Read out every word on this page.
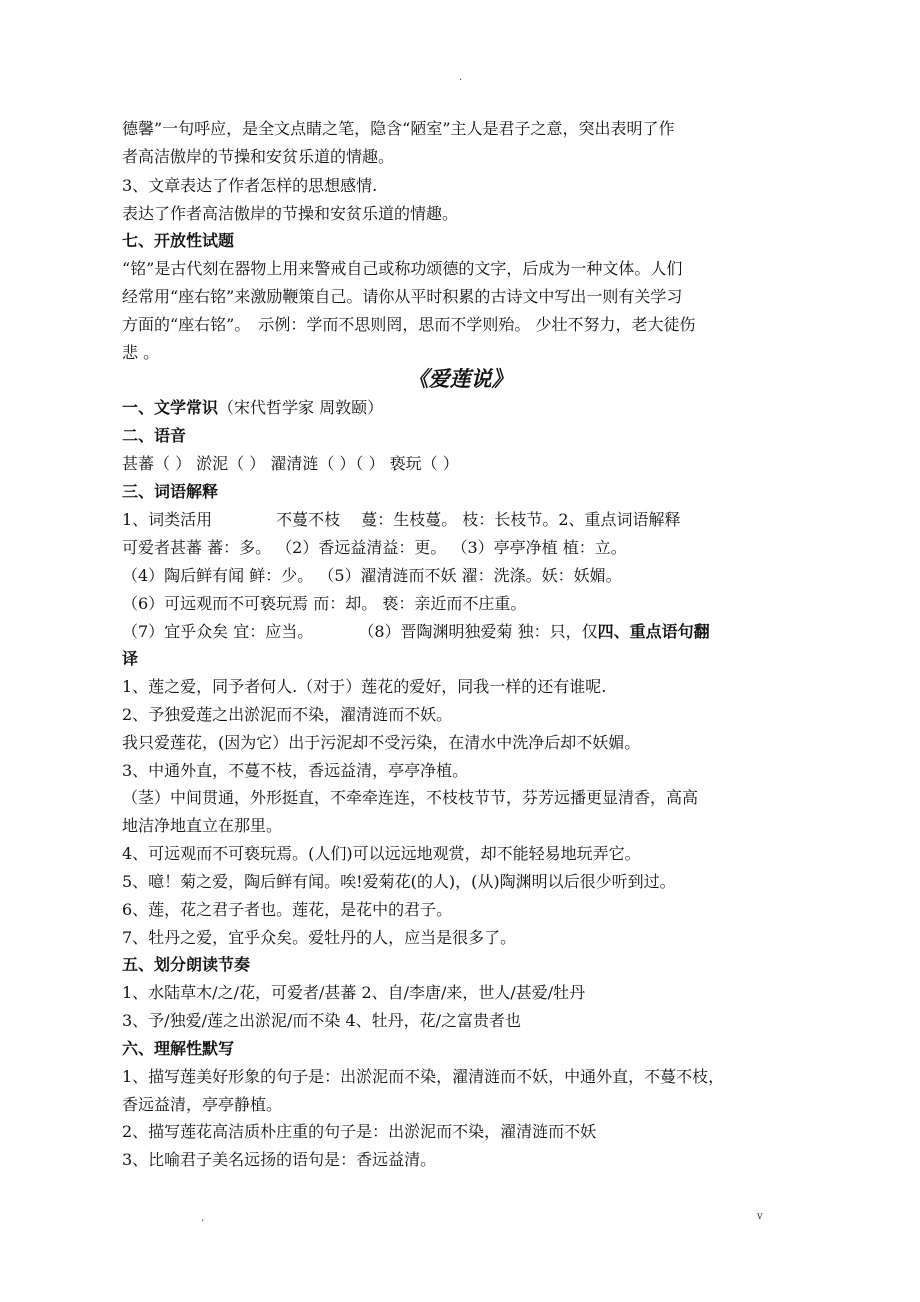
.
德馨”一句呼应，是全文点睛之笔，隐含“陋室”主人是君子之意，突出表明了作
者高洁傲岸的节操和安贫乐道的情趣。
3、文章表达了作者怎样的思想感情.
表达了作者高洁傲岸的节操和安贫乐道的情趣。
七、开放性试题
“铭”是古代刻在器物上用来警戒自己或称功颂德的文字，后成为一种文体。人们
经常用“座右铭”来激励鞭策自己。请你从平时积累的古诗文中写出一则有关学习
方面的“座右铭”。　示例：学而不思则罔，思而不学则殆。 少壮不努力，老大徒伤
悲 。
《爱莲说》
一、文学常识（宋代哲学家 周敦颐）
二、语音
甚蕃（ ） 淤泥（ ） 濯清涟（ ）（ ） 亵玩（ ）
三、词语解释
1、词类活用　　　　不蔓不枝　 蔓：生枝蔓。 枝：长枝节。2、重点词语解释
可爱者甚蕃 蕃：多。 （2）香远益清益：更。 （3）亭亭净植 植：立。
（4）陶后鲜有闻 鲜：少。 （5）濯清涟而不妖 濯：洗涤。妖：妖媚。
（6）可远观而不可亵玩焉 而：却。 亵：亲近而不庄重。
（7）宜乎众矣 宜：应当。　　　 （8）晋陶渊明独爱菊 独：只，仅四、重点语句翻
译
1、莲之爱，同予者何人.（对于）莲花的爱好，同我一样的还有谁呢.
2、予独爱莲之出淤泥而不染，濯清涟而不妖。
我只爱莲花，(因为它）出于污泥却不受污染，在清水中洗净后却不妖媚。
3、中通外直，不蔓不枝，香远益清，亭亭净植。
（茎）中间贯通，外形挺直，不牵牵连连，不枝枝节节，芬芳远播更显清香，高高
地洁净地直立在那里。
4、可远观而不可亵玩焉。(人们)可以远远地观赏，却不能轻易地玩弄它。
5、噫！菊之爱，陶后鲜有闻。唉!爱菊花(的人)，(从)陶渊明以后很少听到过。
6、莲，花之君子者也。莲花，是花中的君子。
7、牡丹之爱，宜乎众矣。爱牡丹的人，应当是很多了。
五、划分朗读节奏
1、水陆草木/之/花，可爱者/甚蕃 2、自/李唐/来，世人/甚爱/牡丹
3、予/独爱/莲之出淤泥/而不染 4、牡丹，花/之富贵者也
六、理解性默写
1、描写莲美好形象的句子是：出淤泥而不染，濯清涟而不妖，中通外直，不蔓不枝，
香远益清，亭亭静植。
2、描写莲花高洁质朴庄重的句子是：出淤泥而不染，濯清涟而不妖
3、比喻君子美名远扬的语句是：香远益清。
.	v
